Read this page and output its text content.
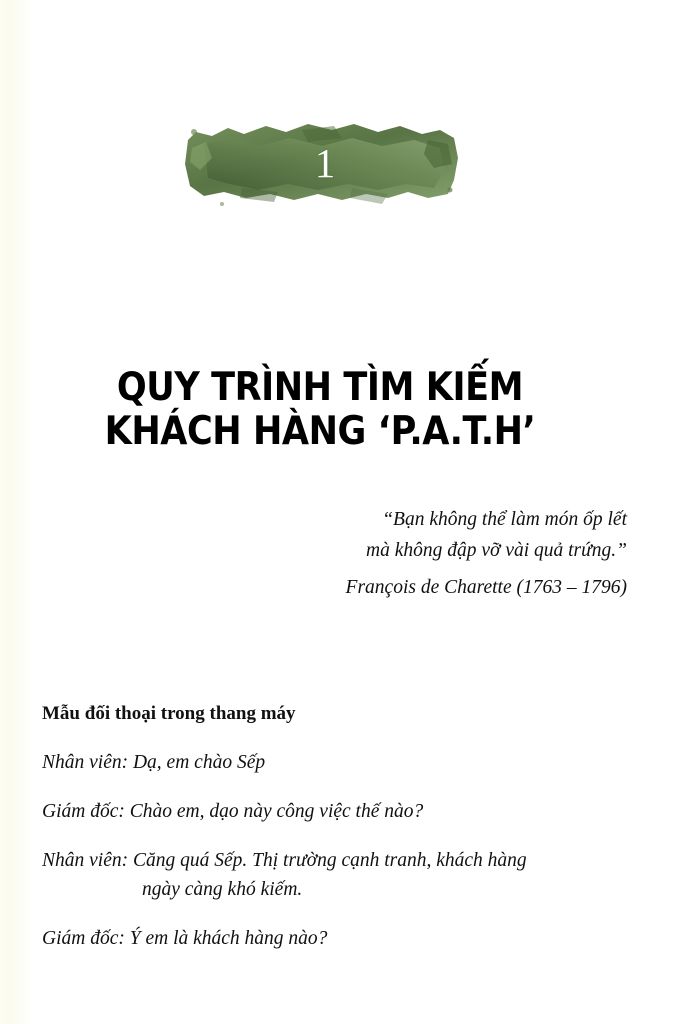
1
QUY TRÌNH TÌM KIẾM
KHÁCH HÀNG ‘P.A.T.H’
“Bạn không thể làm món ốp lết
mà không đập vỡ vài quả trứng.”
François de Charette (1763 – 1796)
Mẫu đối thoại trong thang máy

Nhân viên: Dạ, em chào Sếp

Giám đốc: Chào em, dạo này công việc thế nào?

Nhân viên: Căng quá Sếp. Thị trường cạnh tranh, khách hàng
ngày càng khó kiếm.

Giám đốc: Ý em là khách hàng nào?
